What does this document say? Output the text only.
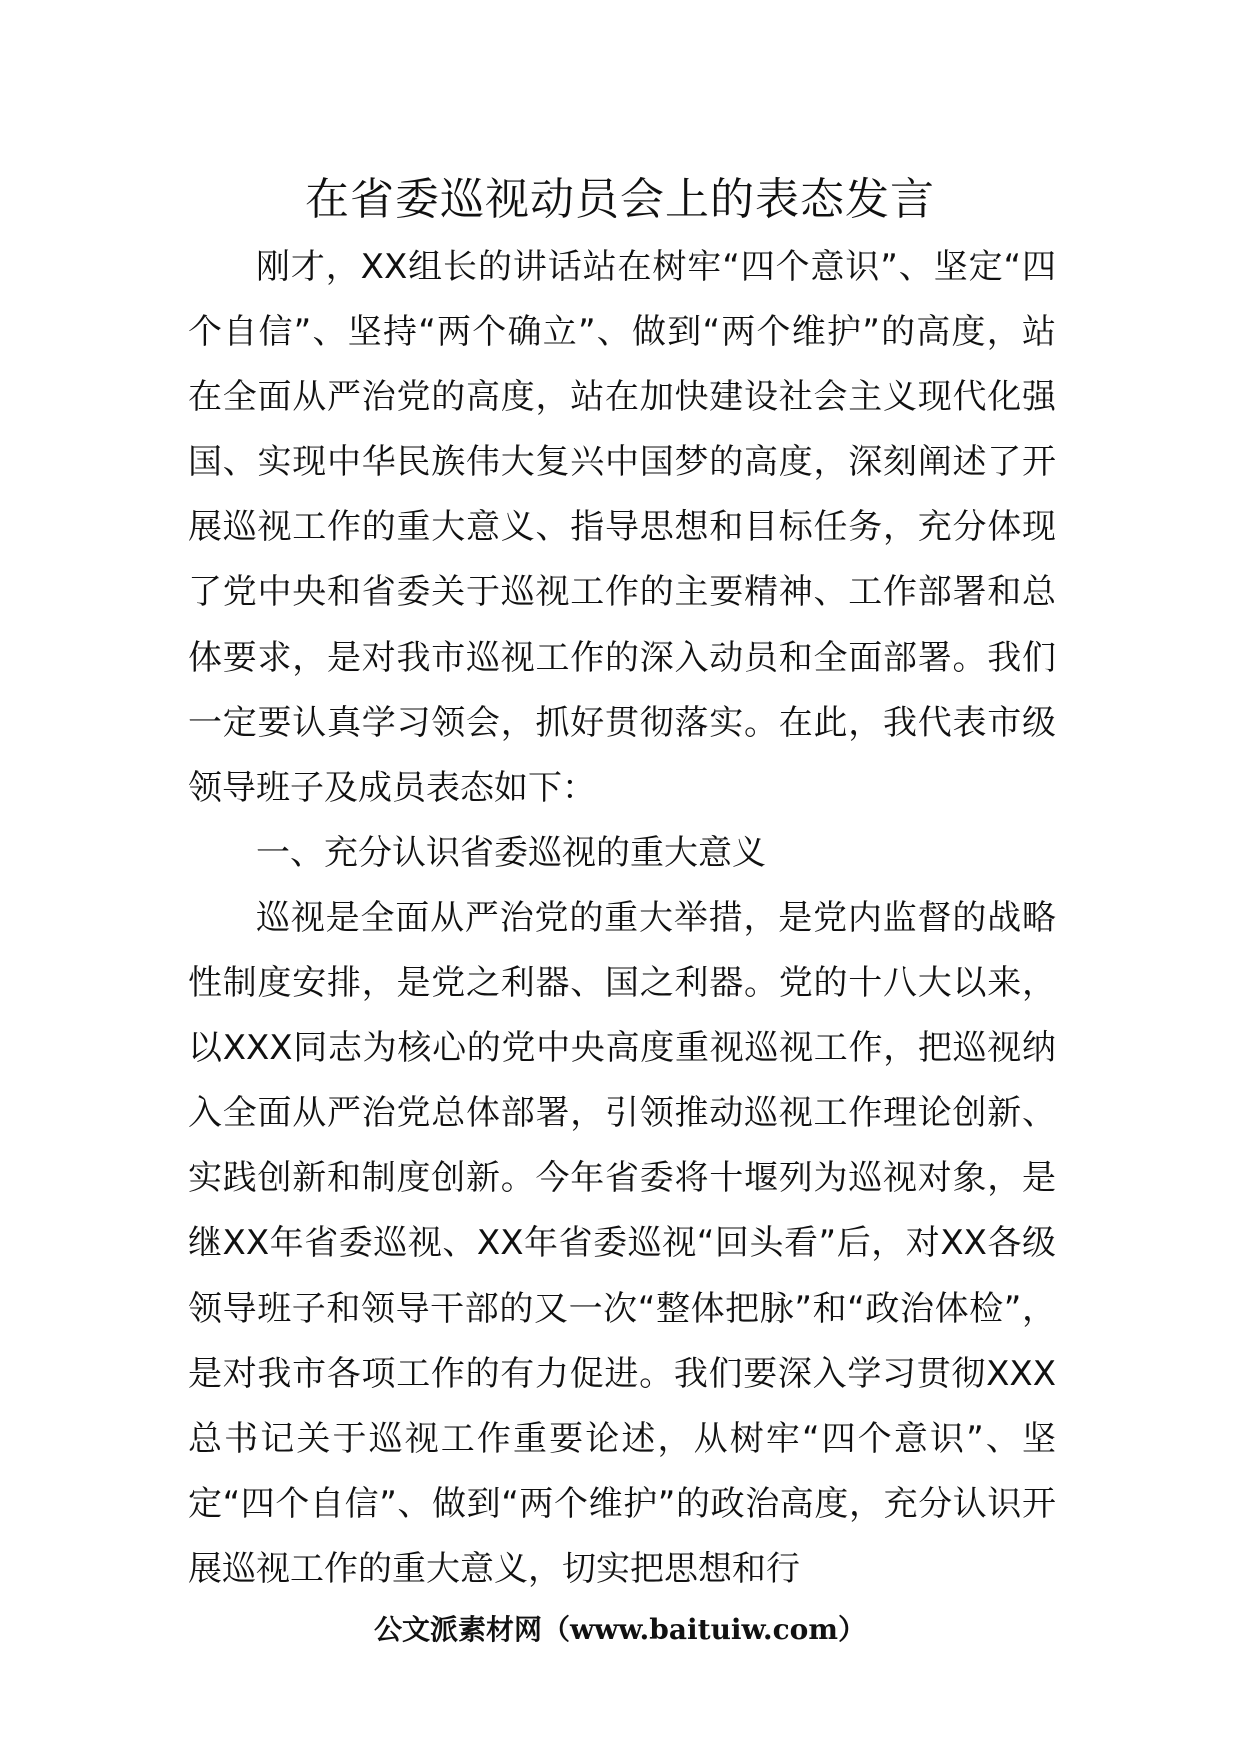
在省委巡视动员会上的表态发言

刚才，XX组长的讲话站在树牢“四个意识”、坚定“四个自信”、坚持“两个确立”、做到“两个维护”的高度，站在全面从严治党的高度，站在加快建设社会主义现代化强国、实现中华民族伟大复兴中国梦的高度，深刻阐述了开展巡视工作的重大意义、指导思想和目标任务，充分体现了党中央和省委关于巡视工作的主要精神、工作部署和总体要求，是对我市巡视工作的深入动员和全面部署。我们一定要认真学习领会，抓好贯彻落实。在此，我代表市级领导班子及成员表态如下：

一、充分认识省委巡视的重大意义

巡视是全面从严治党的重大举措，是党内监督的战略性制度安排，是党之利器、国之利器。党的十八大以来，以XXX同志为核心的党中央高度重视巡视工作，把巡视纳入全面从严治党总体部署，引领推动巡视工作理论创新、实践创新和制度创新。今年省委将十堰列为巡视对象，是继XX年省委巡视、XX年省委巡视“回头看”后，对XX各级领导班子和领导干部的又一次“整体把脉”和“政治体检”，是对我市各项工作的有力促进。我们要深入学习贯彻XXX总书记关于巡视工作重要论述，从树牢“四个意识”、坚定“四个自信”、做到“两个维护”的政治高度，充分认识开展巡视工作的重大意义，切实把思想和行

公文派素材网（www.baituiw.com）
